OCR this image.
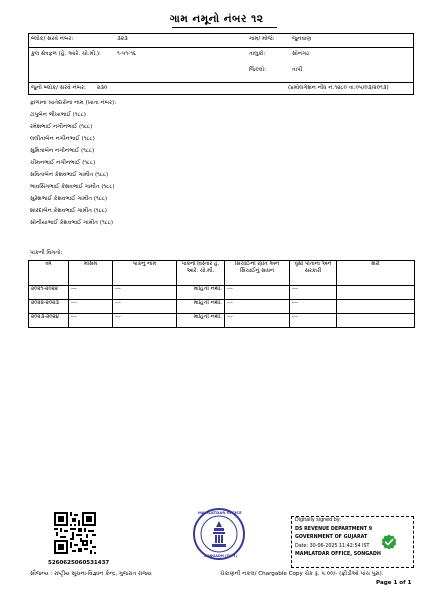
ગામ નમૂનો નંબર ૧૨
બ્લોક/ સરવે નંબર:	૩૨૩	ગામ/ મોજે:	જુનવાણ
કુલ ક્ષેત્રફળ (હે. આરે. ચો.મી.):	૧-૫૧-૧૬	તાલુકો:	સોનગઢ
જિલ્લો:	તાપી
જુનો બ્લોક/ સરવે નંબર: ૨૩૦	(પ્રમોલગેશન નોંધ નં.૧૨૮૦ તા.૦૫/૦૩/૨૦૧૩)
ફાળાના ખાતેદારોના નામ (ખાતા નંબર):
ટાપુબેન ભીખાભાઈ (૧૮૮)
રમેશભાઈ નગીનભાઈ (૧૮૮)
લલીતાબેન નગીનભાઈ (૧૮૮)
સુમિત્રાબેન નગીનભાઈ (૧૮૮)
ચીમનભાઈ નગીનભાઈ (૧૮૮)
સવિતાબેન કેશવભાઈ ગામીત (૧૮૮)
ભાવસિંગભાઈ કેશવભાઈ ગામીત (૧૮૮)
સુરેશભાઈ કેશવભાઈ ગામીત (૧૮૮)
શારદાબેન કેશવભાઈ ગામીત (૧૮૮)
સોનીયાભાઈ કેશવભાઈ ગામીત (૧૮૮)
પાકની વિગતો:
વર્ષ	મોસમ	પાકનું નામ	પાકનો વિસ્તાર હે. આરે. ચો.મી.	સિંચાઈનો સ્ત્રોત અને સિંચાઈનું સાધન	વૃક્ષો પોતાના અને સરકારી	શેરો
૨૦૨૧-૨૦૨૨	---	---	માહિતી નથી.	---	---	
૨૦૨૨-૨૦૨૩	---	---	માહિતી નથી.	---	---	
૨૦૨૩-૨૦૨૪	---	---	માહિતી નથી.	---	---	
5260625060531437
MAMLATDAR OFFICE
SONGADH (TAPI)
Digitally signed by:
DS REVENUE DEPARTMENT 9
GOVERNMENT OF GUJARAT
Date: 30-06-2025 11:42:54 IST
MAMLATDAR OFFICE, SONGADH
સૌજન્ય : રાષ્ટ્રીય સૂચના-વિજ્ઞાન કેન્દ્ર, ગુજરાત રાજ્ય	ચેકાણની નકલ/ Chargable Copy ચેક રૂ. ૫.૦૦/- (ફ્રીડીઓ પાંચ પુરા).
Page 1 of 1
